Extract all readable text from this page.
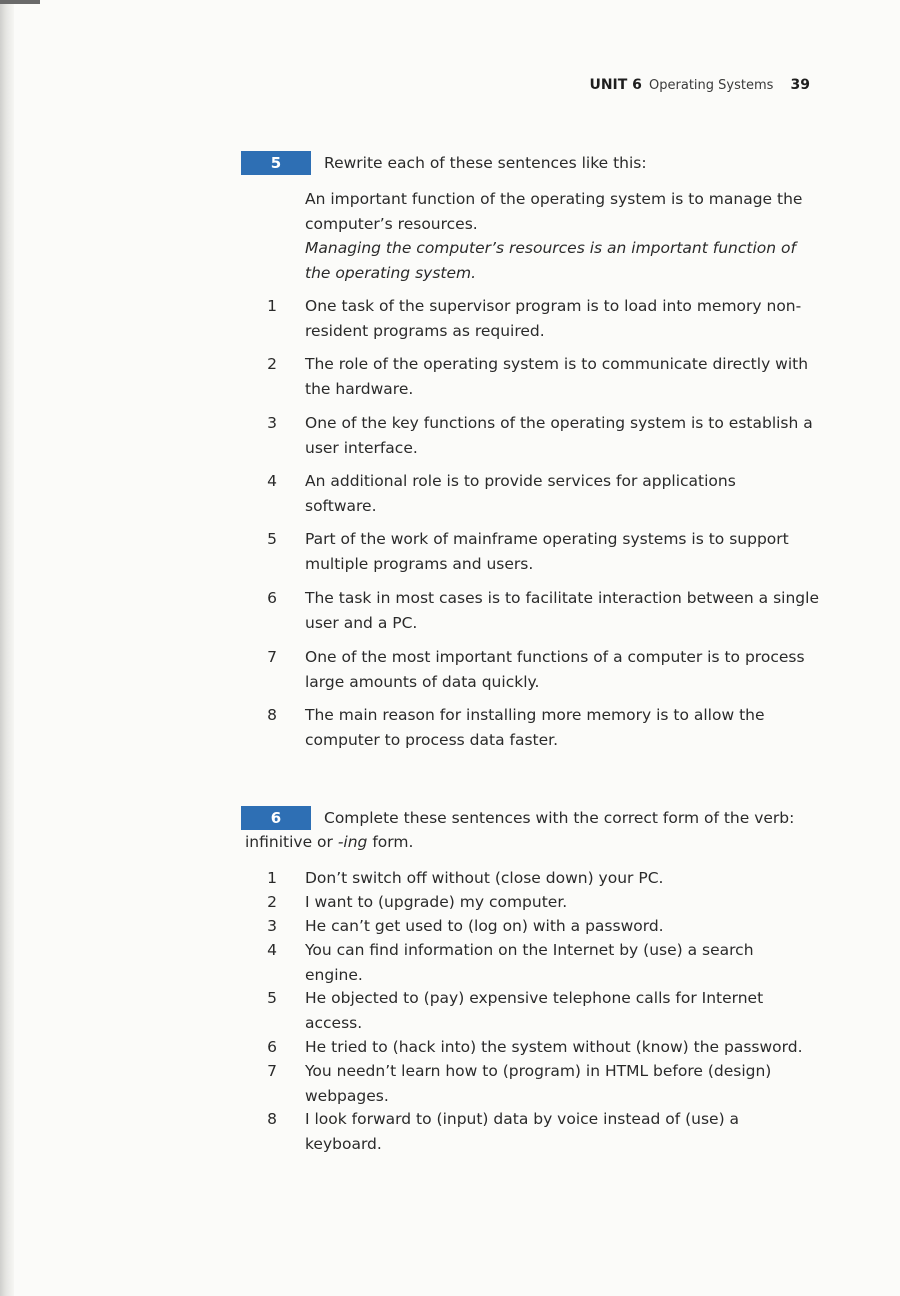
UNIT 6 Operating Systems 39
5	Rewrite each of these sentences like this:

An important function of the operating system is to manage the computer’s resources.

Managing the computer’s resources is an important function of the operating system.

1	One task of the supervisor program is to load into memory non-resident programs as required.
2	The role of the operating system is to communicate directly with the hardware.
3	One of the key functions of the operating system is to establish a user interface.
4	An additional role is to provide services for applications software.
5	Part of the work of mainframe operating systems is to support multiple programs and users.
6	The task in most cases is to facilitate interaction between a single user and a PC.
7	One of the most important functions of a computer is to process large amounts of data quickly.
8	The main reason for installing more memory is to allow the computer to process data faster.
6	Complete these sentences with the correct form of the verb:
infinitive or -ing form.
1	Don’t switch off without (close down) your PC.
2	I want to (upgrade) my computer.
3	He can’t get used to (log on) with a password.
4	You can find information on the Internet by (use) a search engine.
5	He objected to (pay) expensive telephone calls for Internet access.
6	He tried to (hack into) the system without (know) the password.
7	You needn’t learn how to (program) in HTML before (design) webpages.
8	I look forward to (input) data by voice instead of (use) a keyboard.
